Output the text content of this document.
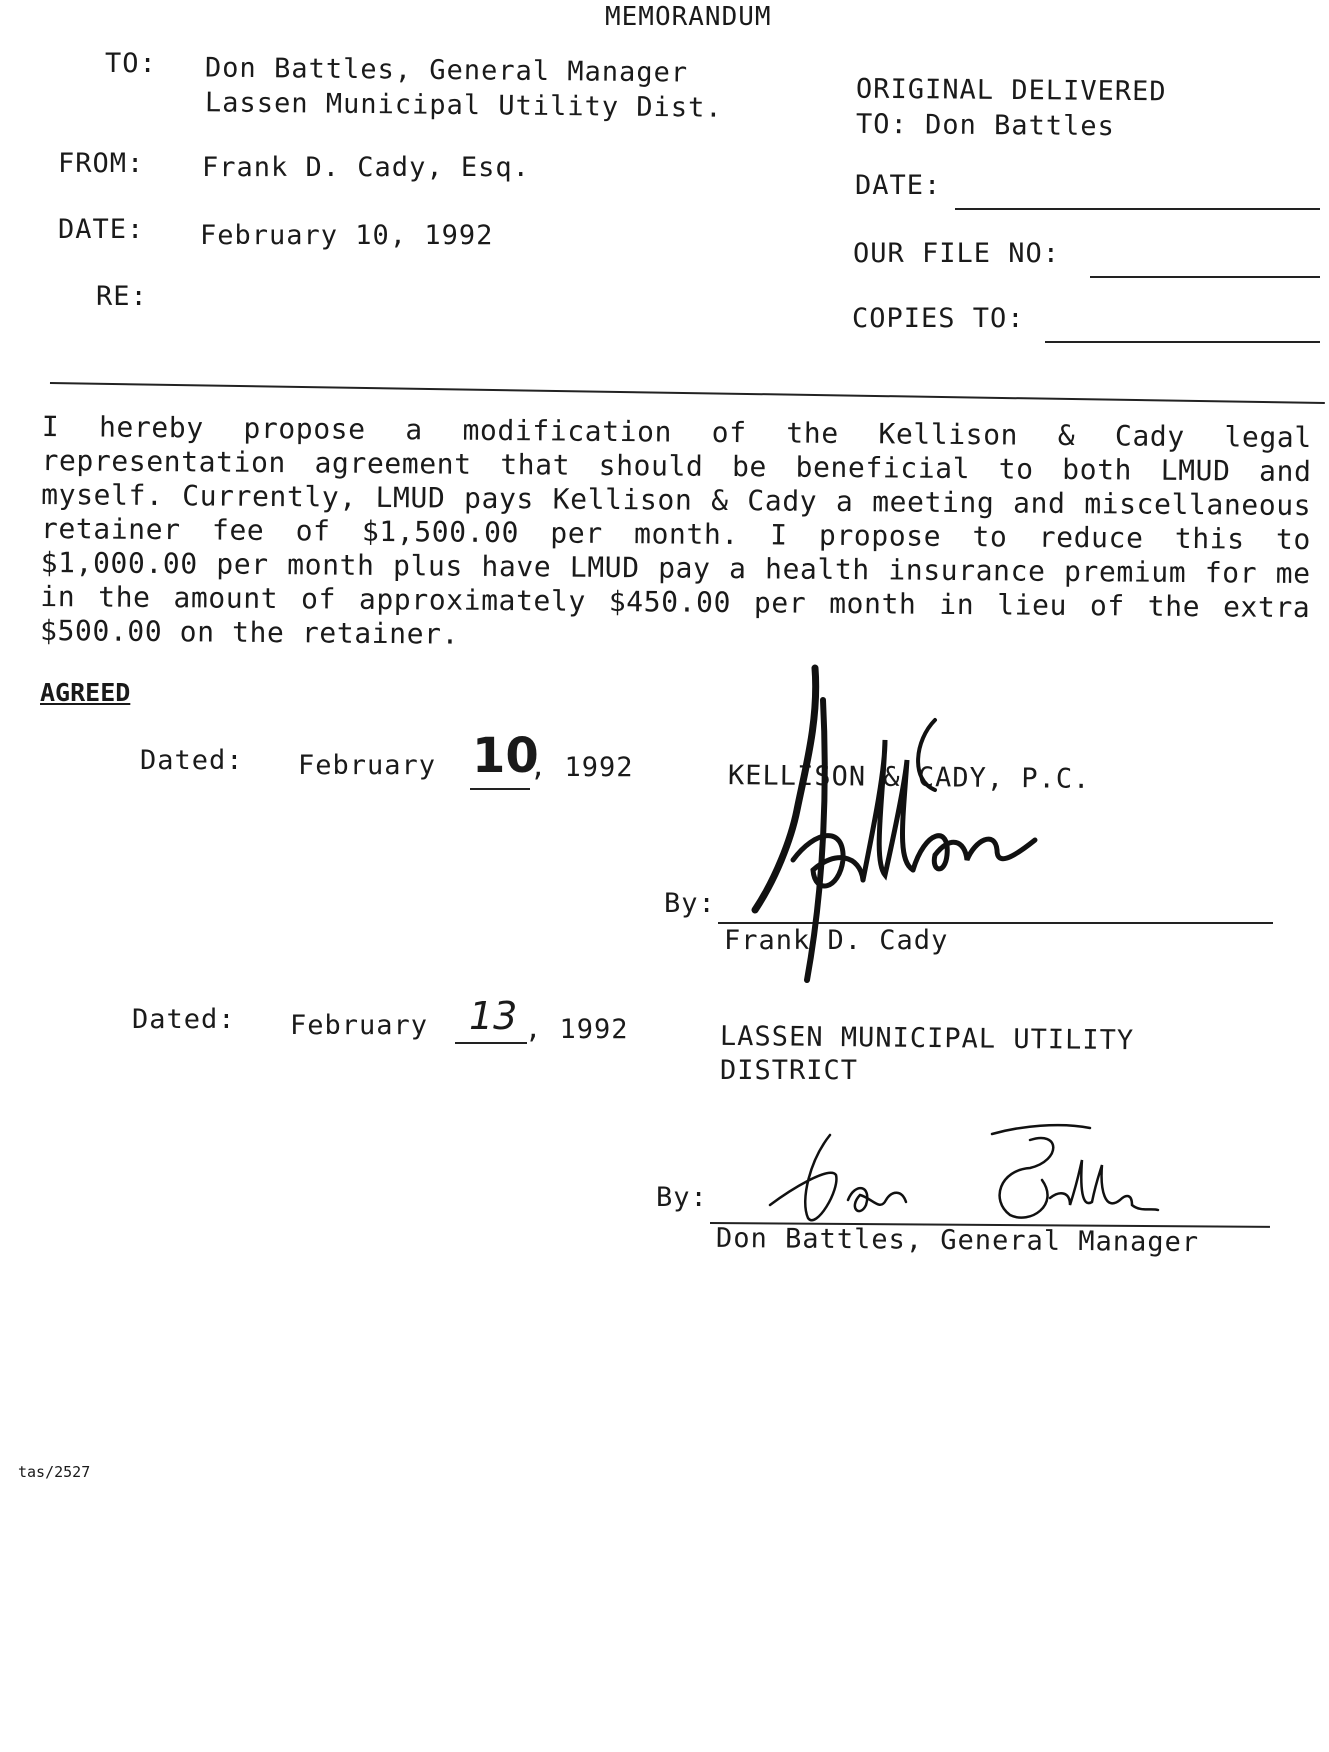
MEMORANDUM
TO: Don Battles, General Manager
Lassen Municipal Utility Dist.
FROM: Frank D. Cady, Esq.
DATE: February 10, 1992
RE:
ORIGINAL DELIVERED
TO: Don Battles
DATE:
OUR FILE NO:
COPIES TO:
I hereby propose a modification of the Kellison & Cady legal representation agreement that should be beneficial to both LMUD and myself. Currently, LMUD pays Kellison & Cady a meeting and miscellaneous retainer fee of $1,500.00 per month. I propose to reduce this to $1,000.00 per month plus have LMUD pay a health insurance premium for me in the amount of approximately $450.00 per month in lieu of the extra $500.00 on the retainer.
AGREED
Dated: February 10
, 1992	KELLISON & CADY, P.C.
By:
Frank D. Cady
Dated: February 13 , 1992	LASSEN MUNICIPAL UTILITY
DISTRICT
By:
Don Battles, General Manager
tas/2527
